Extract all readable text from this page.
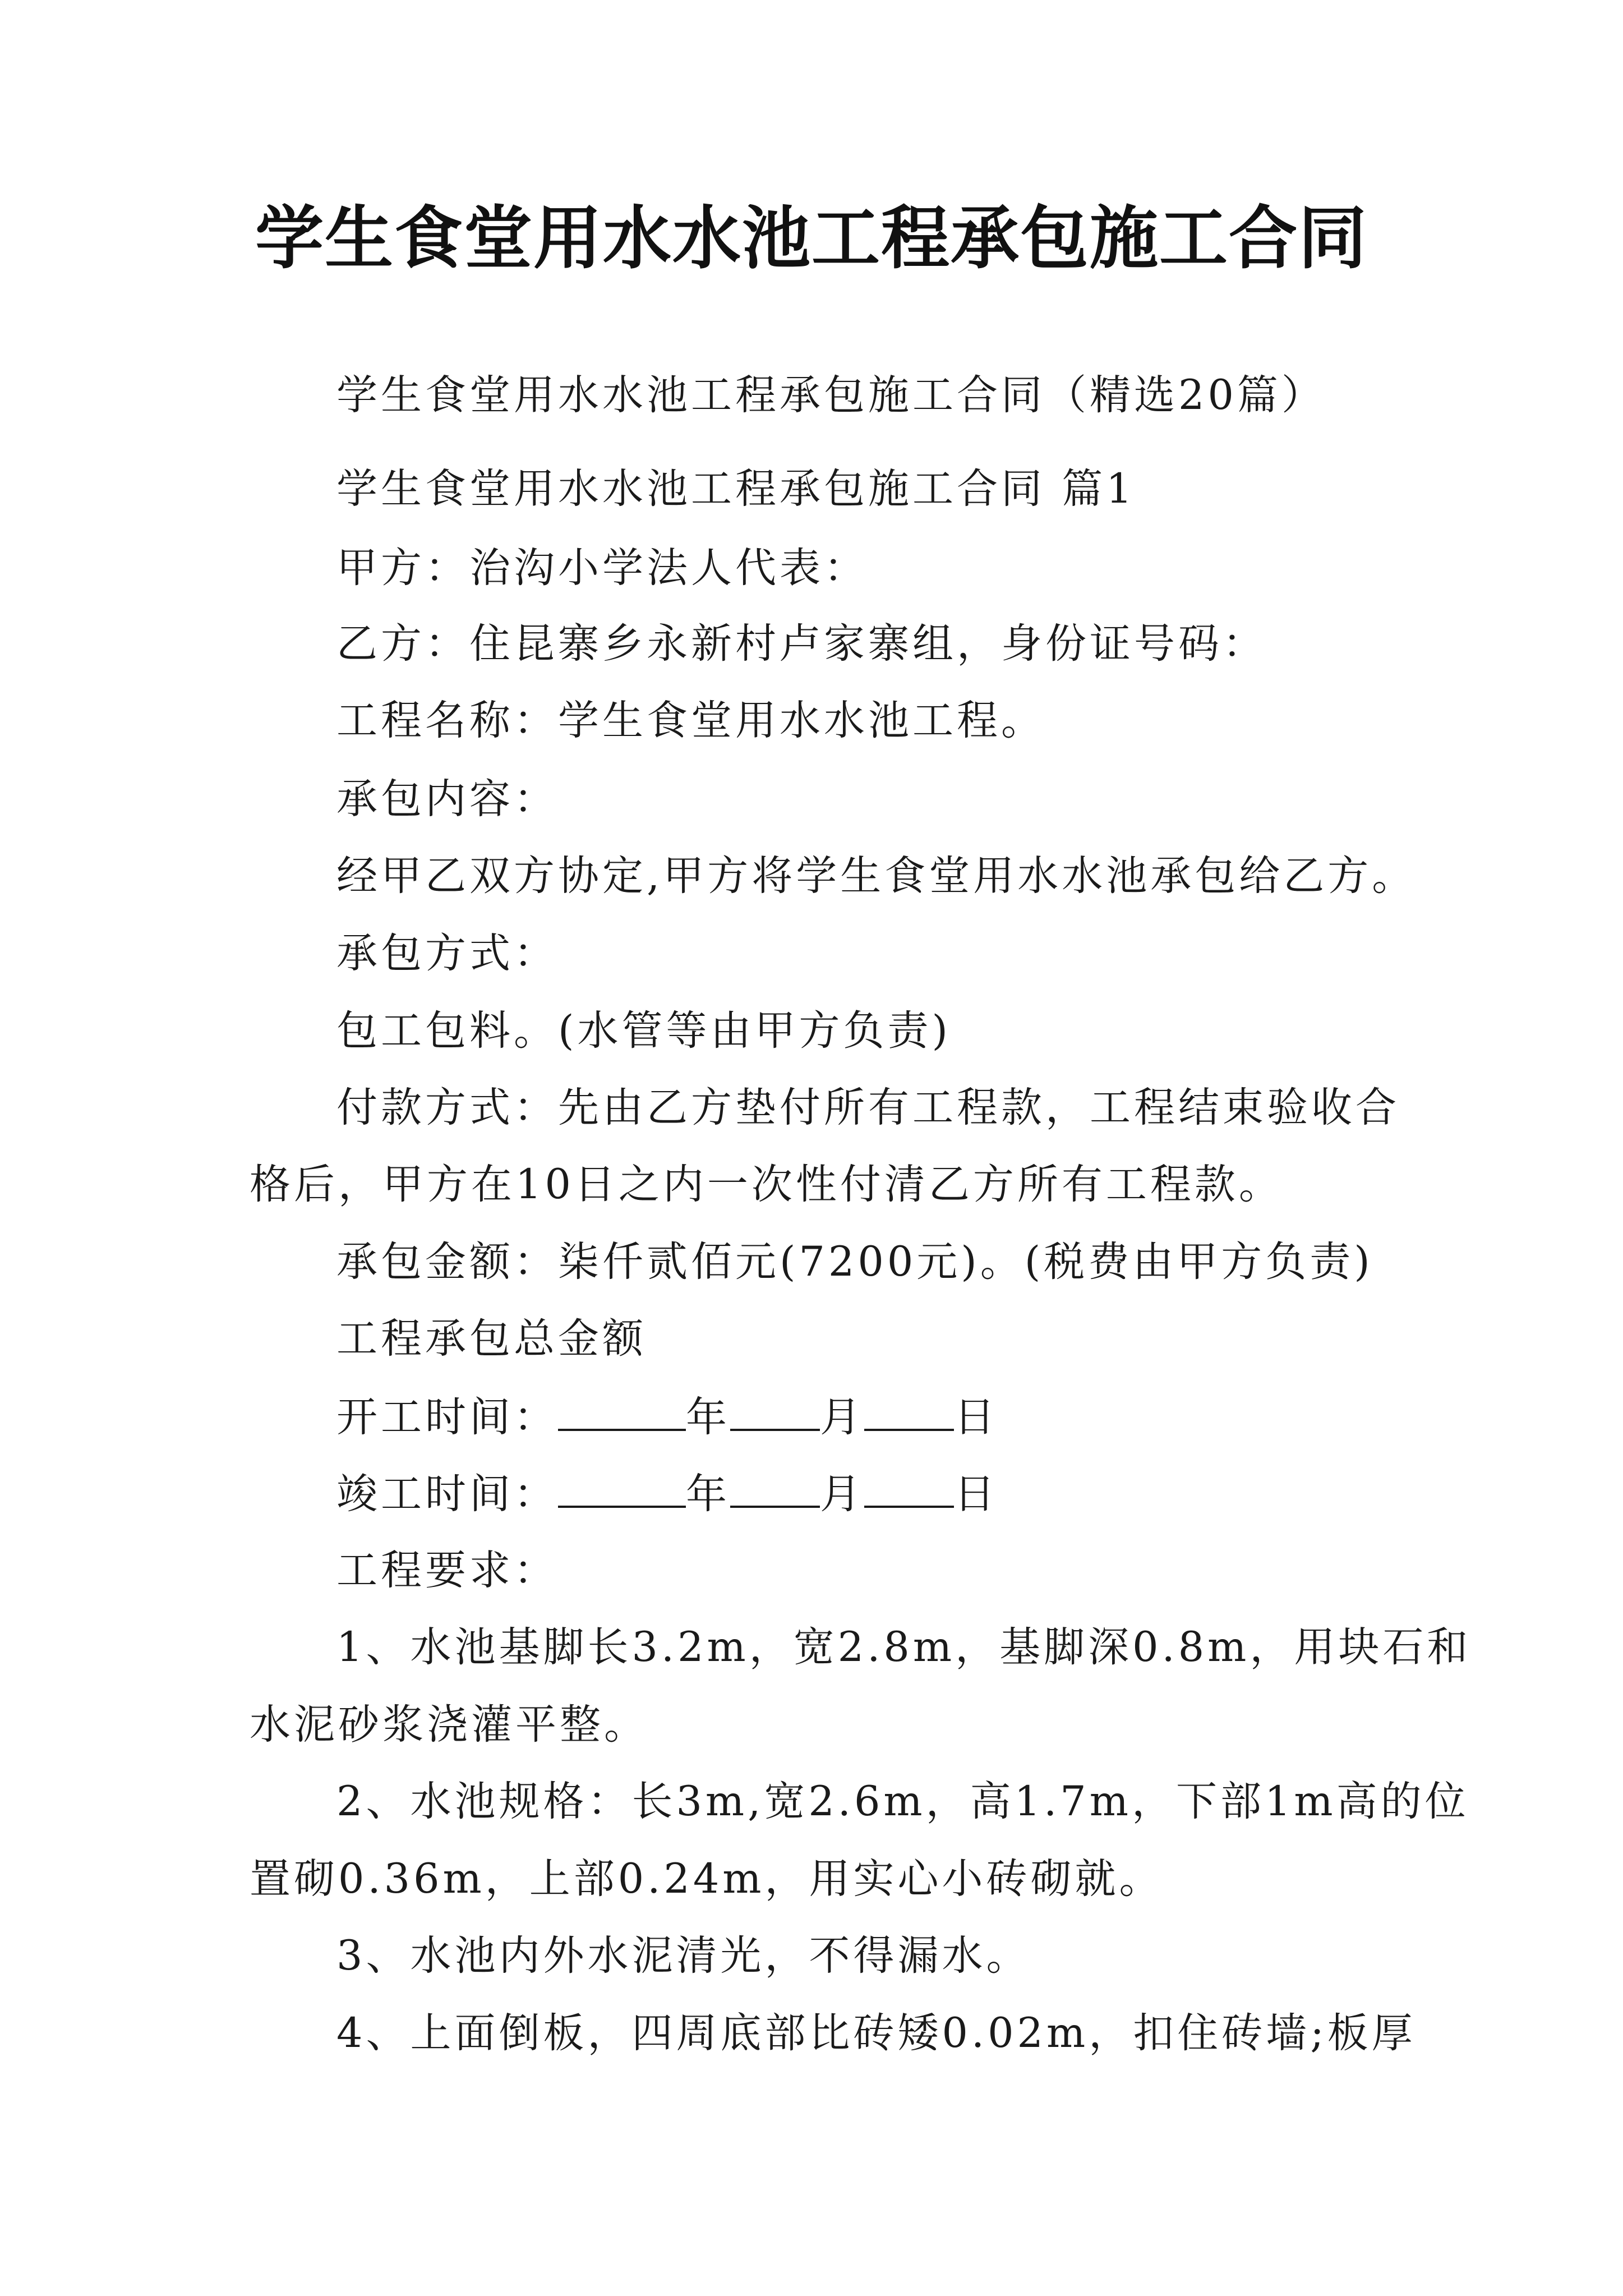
学生食堂用水水池工程承包施工合同
学生食堂用水水池工程承包施工合同（精选20篇）
学生食堂用水水池工程承包施工合同 篇1
甲方：治沟小学法人代表：
乙方：住昆寨乡永新村卢家寨组，身份证号码：
工程名称：学生食堂用水水池工程。
承包内容：
经甲乙双方协定,甲方将学生食堂用水水池承包给乙方。
承包方式：
包工包料。(水管等由甲方负责)
付款方式：先由乙方垫付所有工程款，工程结束验收合
格后，甲方在10日之内一次性付清乙方所有工程款。
承包金额：柒仟贰佰元(7200元)。(税费由甲方负责)
工程承包总金额
开工时间：	年 月 日
竣工时间：	年 月 日
工程要求：
1、水池基脚长3.2m，宽2.8m，基脚深0.8m，用块石和
水泥砂浆浇灌平整。
2、水池规格：长3m,宽2.6m，高1.7m，下部1m高的位
置砌0.36m，上部0.24m，用实心小砖砌就。
3、水池内外水泥清光，不得漏水。
4、上面倒板，四周底部比砖矮0.02m，扣住砖墙;板厚
